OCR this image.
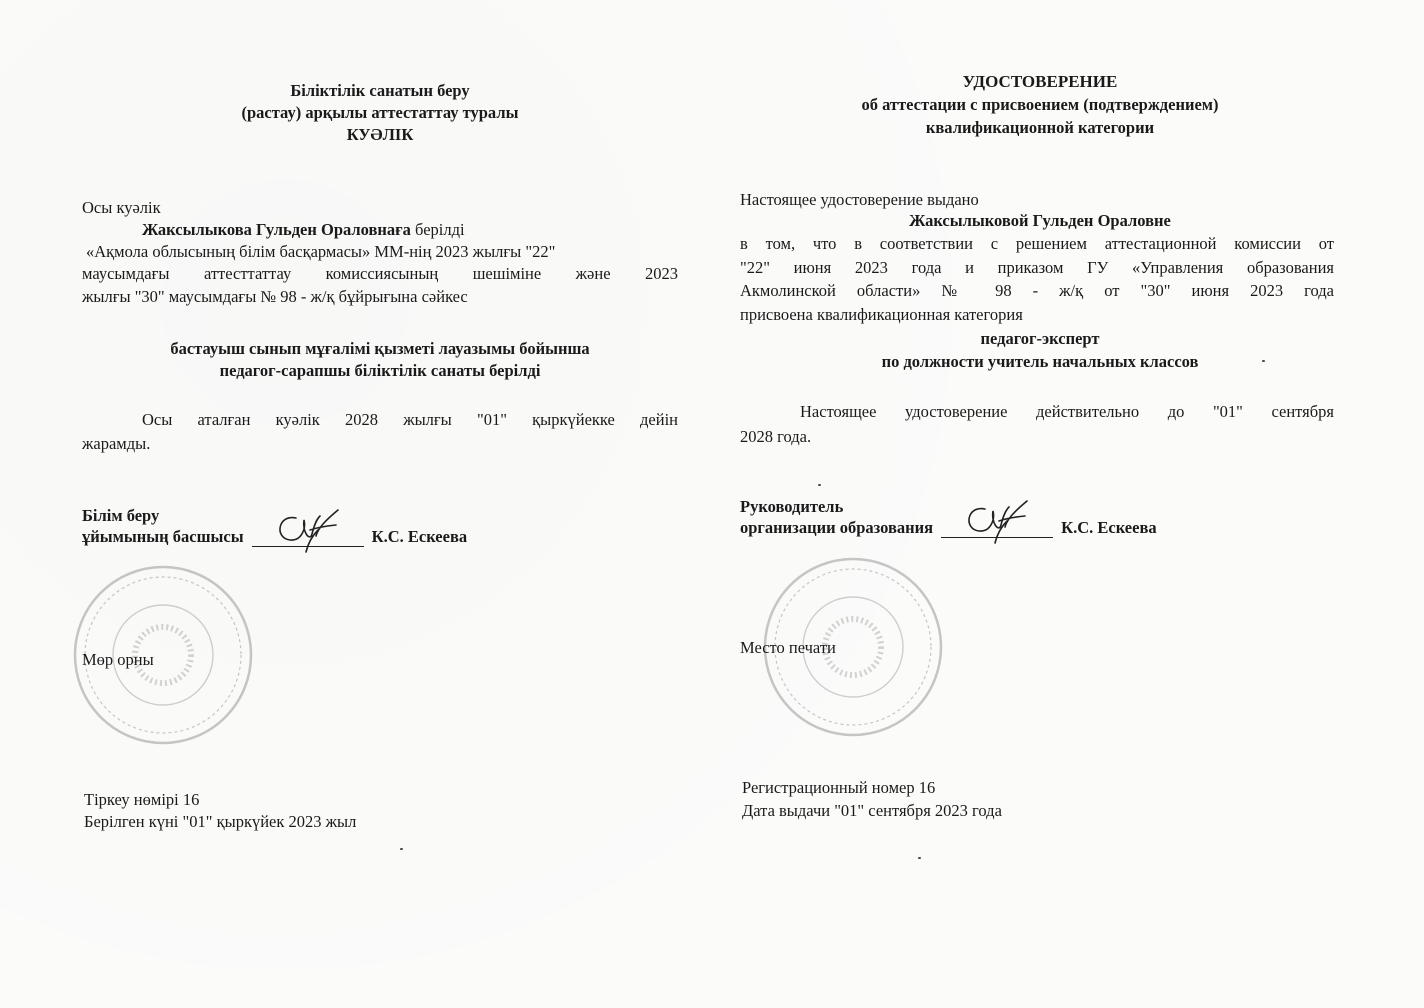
Біліктілік санатын беру
(растау) арқылы аттестаттау туралы
КУӘЛІК
Осы куәлік
Жаксылыкова Гульден Ораловнаға берілді
«Ақмола облысының білім басқармасы» ММ-нің 2023 жылғы "22"
маусымдағы аттесттаттау комиссиясының шешіміне және 2023
жылғы "30" маусымдағы № 98 - ж/қ бұйрығына сәйкес
бастауыш сынып мұғалімі қызметі лауазымы бойынша
педагог-сарапшы біліктілік санаты берілді
Осы аталған куәлік 2028 жылғы "01" қыркүйекке дейін
жарамды.
Білім беру
ұйымының басшысы	К.С. Ескеева
Мөр орны
Тіркеу нөмірі 16
Берілген күні "01" қыркүйек 2023 жыл
УДОСТОВЕРЕНИЕ
об аттестации с присвоением (подтверждением)
квалификационной категории
Настоящее удостоверение выдано
Жаксылыковой Гульден Ораловне
в том, что в соответствии с решением аттестационной комиссии от
"22" июня 2023 года и приказом ГУ «Управления образования
Акмолинской области» № 98 - ж/қ от "30" июня 2023 года
присвоена квалификационная категория
педагог-эксперт
по должности учитель начальных классов
Настоящее удостоверение действительно до "01" сентября
2028 года.
Руководитель
организации образования	К.С. Ескеева
Место печати
Регистрационный номер 16
Дата выдачи "01" сентября 2023 года
